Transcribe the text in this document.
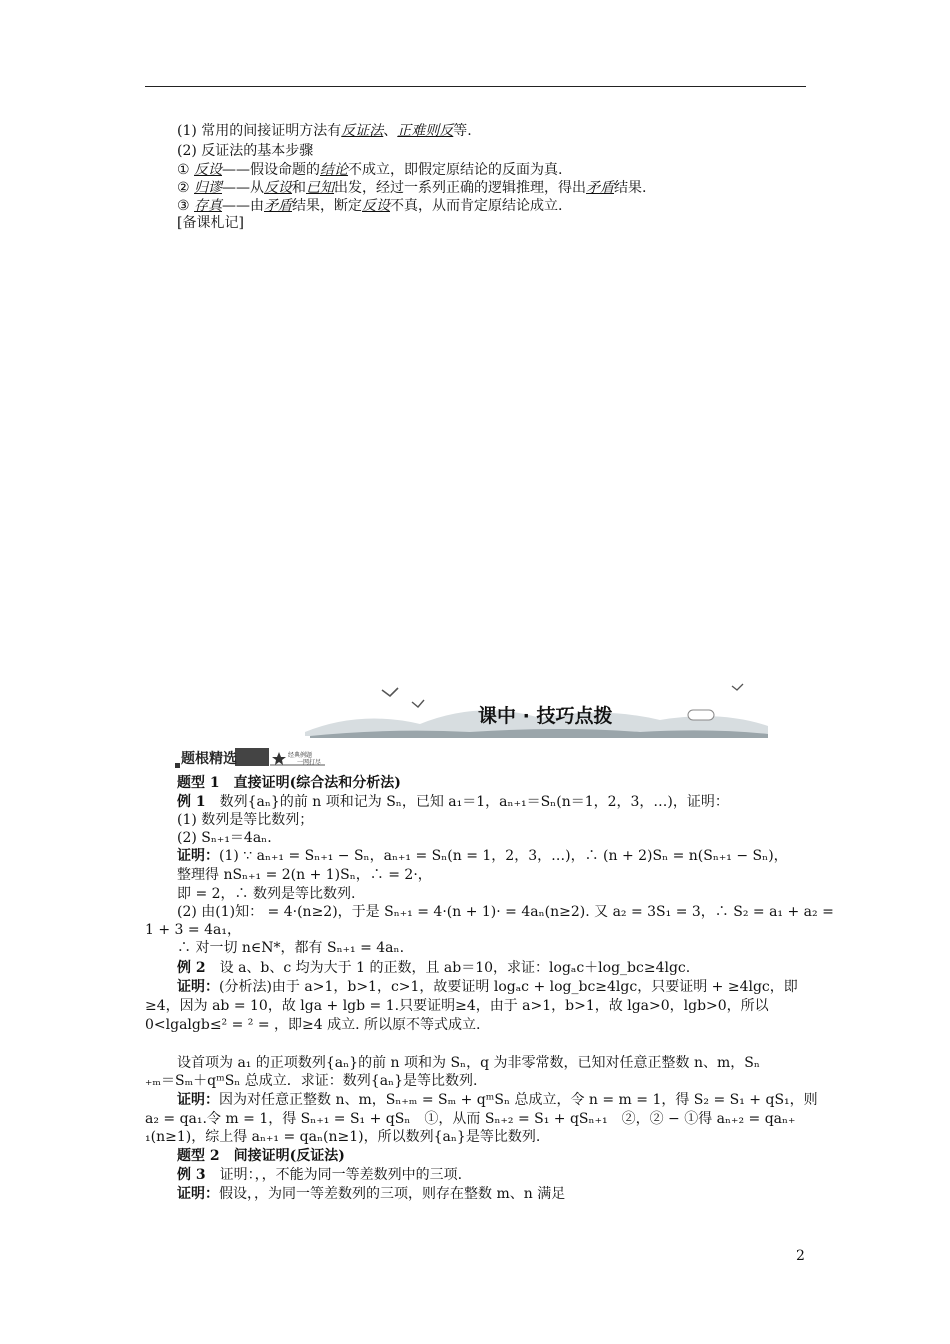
(1) 常用的间接证明方法有反证法、正难则反等.
(2) 反证法的基本步骤
① 反设——假设命题的结论不成立，即假定原结论的反面为真.
② 归谬——从反设和已知出发，经过一系列正确的逻辑推理，得出矛盾结果.
③ 存真——由矛盾结果，断定反设不真，从而肯定原结论成立.
[备课札记]
课中 · 技巧点拨
题根精选	经典例题
一网打尽
题型 1　直接证明(综合法和分析法)
例 1　 数列{aₙ}的前 n 项和记为 Sₙ，已知 a₁＝1，aₙ₊₁＝Sₙ(n＝1，2，3，…)，证明：
(1) 数列是等比数列；
(2) Sₙ₊₁＝4aₙ.
证明：(1) ∵ aₙ₊₁ = Sₙ₊₁ − Sₙ，aₙ₊₁ = Sₙ(n = 1，2，3，…)，∴ (n + 2)Sₙ = n(Sₙ₊₁ − Sₙ)，
整理得 nSₙ₊₁ = 2(n + 1)Sₙ，∴ = 2·，
即 = 2，∴ 数列是等比数列.
(2) 由(1)知： = 4·(n≥2)，于是 Sₙ₊₁ = 4·(n + 1)· = 4aₙ(n≥2). 又 a₂ = 3S₁ = 3，∴ S₂ = a₁ + a₂ =
1 + 3 = 4a₁，
∴ 对一切 n∈N*，都有 Sₙ₊₁ = 4aₙ.
例 2　 设 a、b、c 均为大于 1 的正数，且 ab＝10，求证：logₐc＋log_bc≥4lgc.
证明：(分析法)由于 a>1，b>1，c>1，故要证明 logₐc + log_bc≥4lgc，只要证明 + ≥4lgc，即
≥4，因为 ab = 10，故 lga + lgb = 1.只要证明≥4，由于 a>1，b>1，故 lga>0，lgb>0，所以
0<lgalgb≤² = ² = ，即≥4 成立. 所以原不等式成立.
设首项为 a₁ 的正项数列{aₙ}的前 n 项和为 Sₙ，q 为非零常数，已知对任意正整数 n、m，Sₙ
₊ₘ＝Sₘ＋qᵐSₙ 总成立．求证：数列{aₙ}是等比数列.
证明：因为对任意正整数 n、m，Sₙ₊ₘ = Sₘ + qᵐSₙ 总成立，令 n = m = 1，得 S₂ = S₁ + qS₁，则
a₂ = qa₁.令 m = 1，得 Sₙ₊₁ = S₁ + qSₙ　①，从而 Sₙ₊₂ = S₁ + qSₙ₊₁　②，② − ①得 aₙ₊₂ = qaₙ₊
₁(n≥1)，综上得 aₙ₊₁ = qaₙ(n≥1)，所以数列{aₙ}是等比数列.
题型 2　间接证明(反证法)
例 3　 证明：，，不能为同一等差数列中的三项.
证明：假设，，为同一等差数列的三项，则存在整数 m、n 满足
2
